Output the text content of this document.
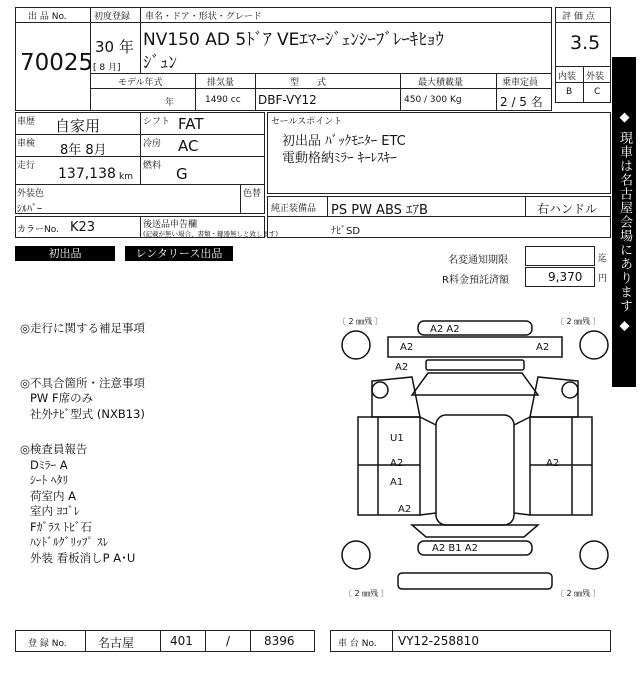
出 品 No.
70025
初度登録
30 年
[ 8 月]
車名・ドア・形状・グレード
NV150 AD 5ﾄﾞｱ VEｴﾏｰｼﾞｪﾝｼｰﾌﾞﾚｰｷﾋｮｳ
ｼﾞｭﾝ
モデル年式
年
排気量
1490 cc
型　　式
DBF-VY12
最大積載量
450 / 300 Kg
乗車定員
2 / 5 名
評 価 点
3.5
内装 外装
B C
車歴 自家用	シフト FAT
車検 8年 8月	冷房 AC
走行 137,138 km
燃料 G
外装色
ｼﾙﾊﾞｰ
色替
セールスポイント
初出品 ﾊﾞｯｸﾓﾆﾀｰ ETC
電動格納ﾐﾗｰ ｷｰﾚｽｷｰ
純正装備品 PS PW ABS ｴｱB	右ハンドル
ﾅﾋﾞSD
カラーNo. K23	後送品申告欄
(記載が無い場合、書類・鍵器無しと致します)
初出品	レンタリース出品
名変通知期限	迄
R料金預託済額	9,370 円 ◆ 現車は名古屋会場にあります ◆
◎走行に関する補足事項
◎不具合箇所・注意事項
PW F席のみ
社外ﾅﾋﾞ型式 (NXB13)
◎検査員報告
Dﾐﾗｰ A
ｼｰﾄ ﾍﾀﾘ
荷室内 A
室内 ﾖｺﾞﾚ
Fｶﾞﾗｽ ﾄﾋﾞ石
ﾊﾝﾄﾞﾙｸﾞﾘｯﾌﾟ ｽﾚ
外装 看板消しP A･U
〔 2 ㎜残 〕	〔 2 ㎜残 〕
〔 2 ㎜残 〕	〔 2 ㎜残 〕
A2 A2
A2	A2
A2
U1
A2
A1
A2
A2
A2 B1 A2
登 録 No.	名古屋	401	/	8396	車 台 No. VY12-258810
